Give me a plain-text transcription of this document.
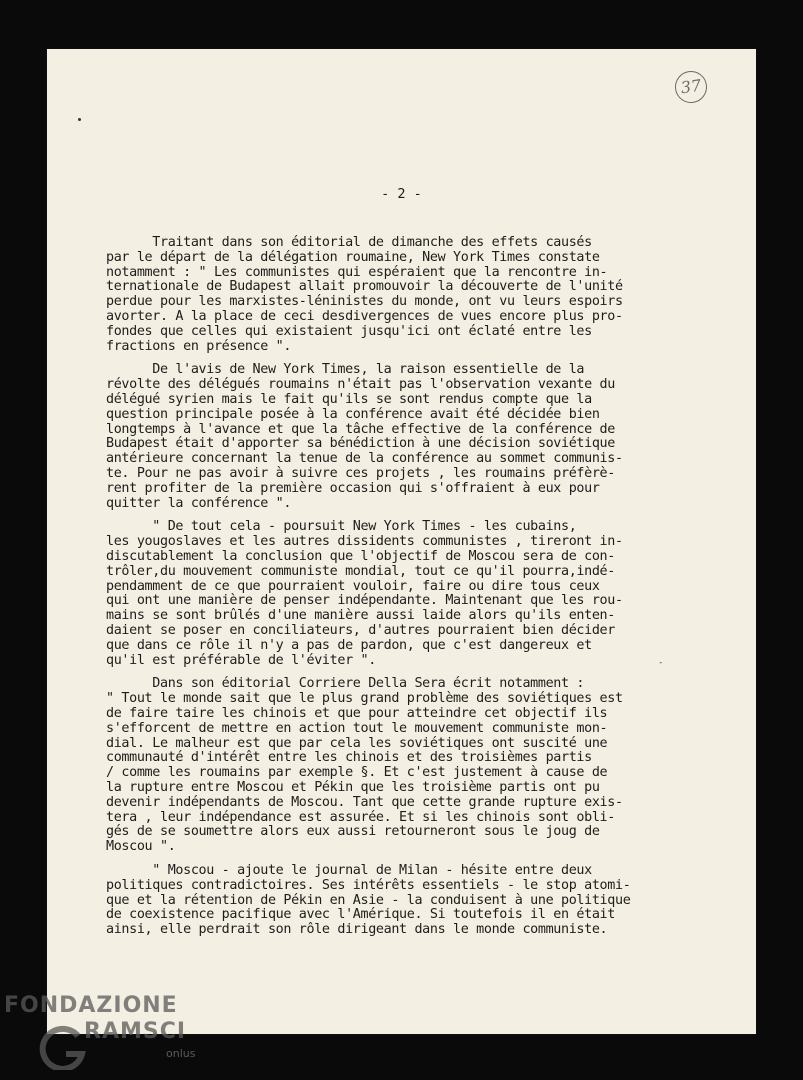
37
- 2 -
Traitant dans son éditorial de dimanche des effets causés
par le départ de la délégation roumaine, New York Times constate
notamment : " Les communistes qui espéraient que la rencontre in-
ternationale de Budapest allait promouvoir la découverte de l'unité
perdue pour les marxistes-léninistes du monde, ont vu leurs espoirs
avorter. A la place de ceci desdivergences de vues encore plus pro-
fondes que celles qui existaient jusqu'ici ont éclaté entre les
fractions en présence ".
De l'avis de New York Times, la raison essentielle de la
révolte des délégués roumains n'était pas l'observation vexante du
délégué syrien mais le fait qu'ils se sont rendus compte que la
question principale posée à la conférence avait été décidée bien
longtemps à l'avance et que la tâche effective de la conférence de
Budapest était d'apporter sa bénédiction à une décision soviétique
antérieure concernant la tenue de la conférence au sommet communis-
te. Pour ne pas avoir à suivre ces projets , les roumains préfèrè-
rent profiter de la première occasion qui s'offraient à eux pour
quitter la conférence ".
" De tout cela - poursuit New York Times - les cubains,
les yougoslaves et les autres dissidents communistes , tireront in-
discutablement la conclusion que l'objectif de Moscou sera de con-
trôler,du mouvement communiste mondial, tout ce qu'il pourra,indé-
pendamment de ce que pourraient vouloir, faire ou dire tous ceux
qui ont une manière de penser indépendante. Maintenant que les rou-
mains se sont brûlés d'une manière aussi laide alors qu'ils enten-
daient se poser en conciliateurs, d'autres pourraient bien décider
que dans ce rôle il n'y a pas de pardon, que c'est dangereux et
qu'il est préférable de l'éviter ".
Dans son éditorial Corriere Della Sera écrit notamment :
" Tout le monde sait que le plus grand problème des soviétiques est
de faire taire les chinois et que pour atteindre cet objectif ils
s'efforcent de mettre en action tout le mouvement communiste mon-
dial. Le malheur est que par cela les soviétiques ont suscité une
communauté d'intérêt entre les chinois et des troisièmes partis
/ comme les roumains par exemple §. Et c'est justement à cause de
la rupture entre Moscou et Pékin que les troisième partis ont pu
devenir indépendants de Moscou. Tant que cette grande rupture exis-
tera , leur indépendance est assurée. Et si les chinois sont obli-
gés de se soumettre alors eux aussi retourneront sous le joug de
Moscou ".
" Moscou - ajoute le journal de Milan - hésite entre deux
politiques contradictoires. Ses intérêts essentiels - le stop atomi-
que et la rétention de Pékin en Asie - la conduisent à une politique
de coexistence pacifique avec l'Amérique. Si toutefois il en était
ainsi, elle perdrait son rôle dirigeant dans le monde communiste.
-
FONDAZIONE
RAMSCI
onlus
